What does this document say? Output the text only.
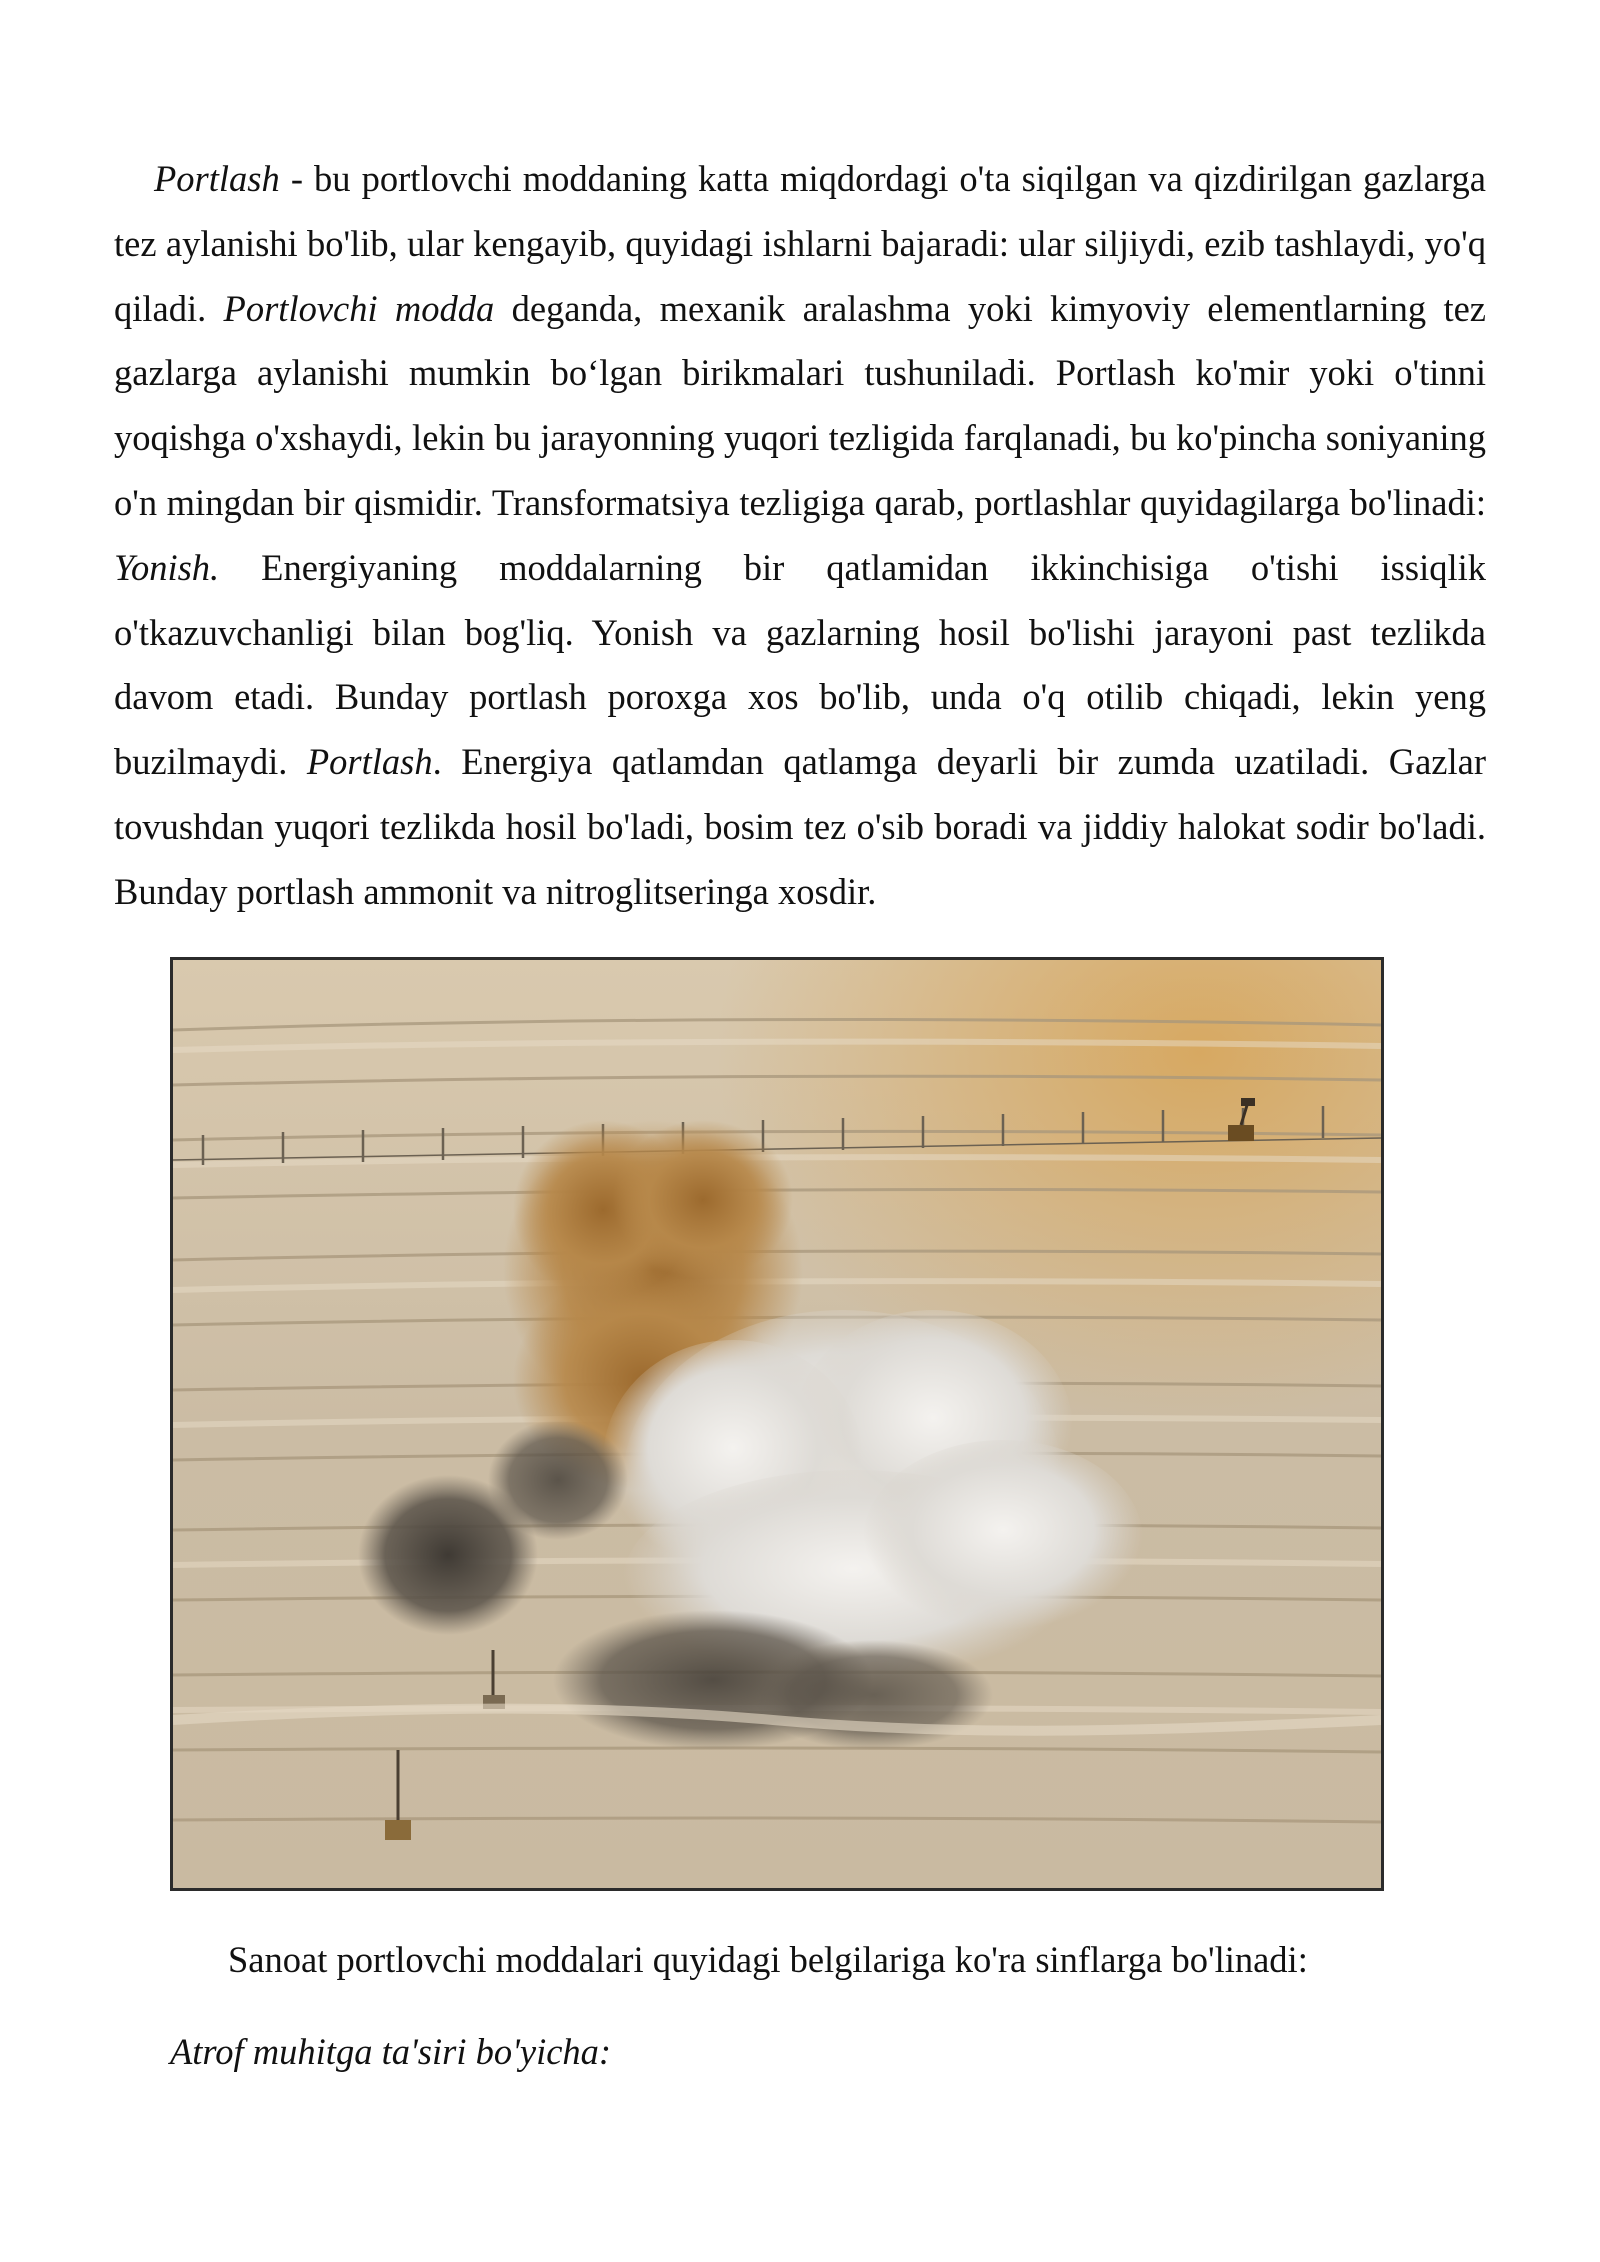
Portlash - bu portlovchi moddaning katta miqdordagi o'ta siqilgan va qizdirilgan gazlarga tez aylanishi bo'lib, ular kengayib, quyidagi ishlarni bajaradi: ular siljiydi, ezib tashlaydi, yo'q qiladi. Portlovchi modda deganda, mexanik aralashma yoki kimyoviy elementlarning tez gazlarga aylanishi mumkin bo‘lgan birikmalari tushuniladi. Portlash ko'mir yoki o'tinni yoqishga o'xshaydi, lekin bu jarayonning yuqori tezligida farqlanadi, bu ko'pincha soniyaning o'n mingdan bir qismidir. Transformatsiya tezligiga qarab, portlashlar quyidagilarga bo'linadi: Yonish. Energiyaning moddalarning bir qatlamidan ikkinchisiga o'tishi issiqlik o'tkazuvchanligi bilan bog'liq. Yonish va gazlarning hosil bo'lishi jarayoni past tezlikda davom etadi. Bunday portlash poroxga xos bo'lib, unda o'q otilib chiqadi, lekin yeng buzilmaydi. Portlash. Energiya qatlamdan qatlamga deyarli bir zumda uzatiladi. Gazlar tovushdan yuqori tezlikda hosil bo'ladi, bosim tez o'sib boradi va jiddiy halokat sodir bo'ladi. Bunday portlash ammonit va nitroglitseringa xosdir.

Sanoat portlovchi moddalari quyidagi belgilariga ko'ra sinflarga bo'linadi:

Atrof muhitga ta'siri bo'yicha:
